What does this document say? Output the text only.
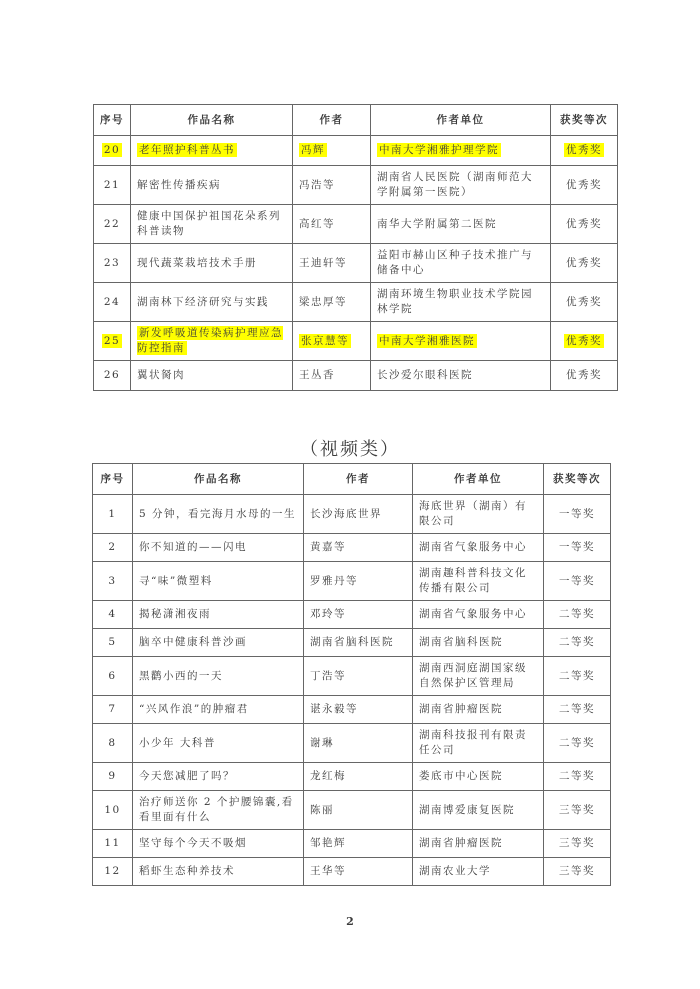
序号	作品名称	作者	作者单位	获奖等次
20	老年照护科普丛书	冯辉	中南大学湘雅护理学院	优秀奖
21	解密性传播疾病	冯浩等	湖南省人民医院（湖南师范大学附属第一医院）	优秀奖
22	健康中国保护祖国花朵系列科普读物	高红等	南华大学附属第二医院	优秀奖
23	现代蔬菜栽培技术手册	王迪轩等	益阳市赫山区种子技术推广与储备中心	优秀奖
24	湖南林下经济研究与实践	梁忠厚等	湖南环境生物职业技术学院园林学院	优秀奖
25	新发呼吸道传染病护理应急防控指南	张京慧等	中南大学湘雅医院	优秀奖
26	翼状胬肉	王丛香	长沙爱尔眼科医院	优秀奖
（视频类）
序号	作品名称	作者	作者单位	获奖等次
1	5 分钟，看完海月水母的一生	长沙海底世界	海底世界（湖南）有限公司	一等奖
2	你不知道的——闪电	黄嘉等	湖南省气象服务中心	一等奖
3	寻“味”微塑料	罗雅丹等	湖南趣科普科技文化传播有限公司	一等奖
4	揭秘潇湘夜雨	邓玲等	湖南省气象服务中心	二等奖
5	脑卒中健康科普沙画	湖南省脑科医院	湖南省脑科医院	二等奖
6	黑鹳小西的一天	丁浩等	湖南西洞庭湖国家级自然保护区管理局	二等奖
7	“兴风作浪”的肿瘤君	谌永毅等	湖南省肿瘤医院	二等奖
8	小少年 大科普	谢琳	湖南科技报刊有限责任公司	二等奖
9	今天您减肥了吗？	龙红梅	娄底市中心医院	二等奖
10	治疗师送你 2 个护腰锦囊,看看里面有什么	陈丽	湖南博爱康复医院	三等奖
11	坚守每个今天不吸烟	邹艳辉	湖南省肿瘤医院	三等奖
12	稻虾生态种养技术	王华等	湖南农业大学	三等奖
2
